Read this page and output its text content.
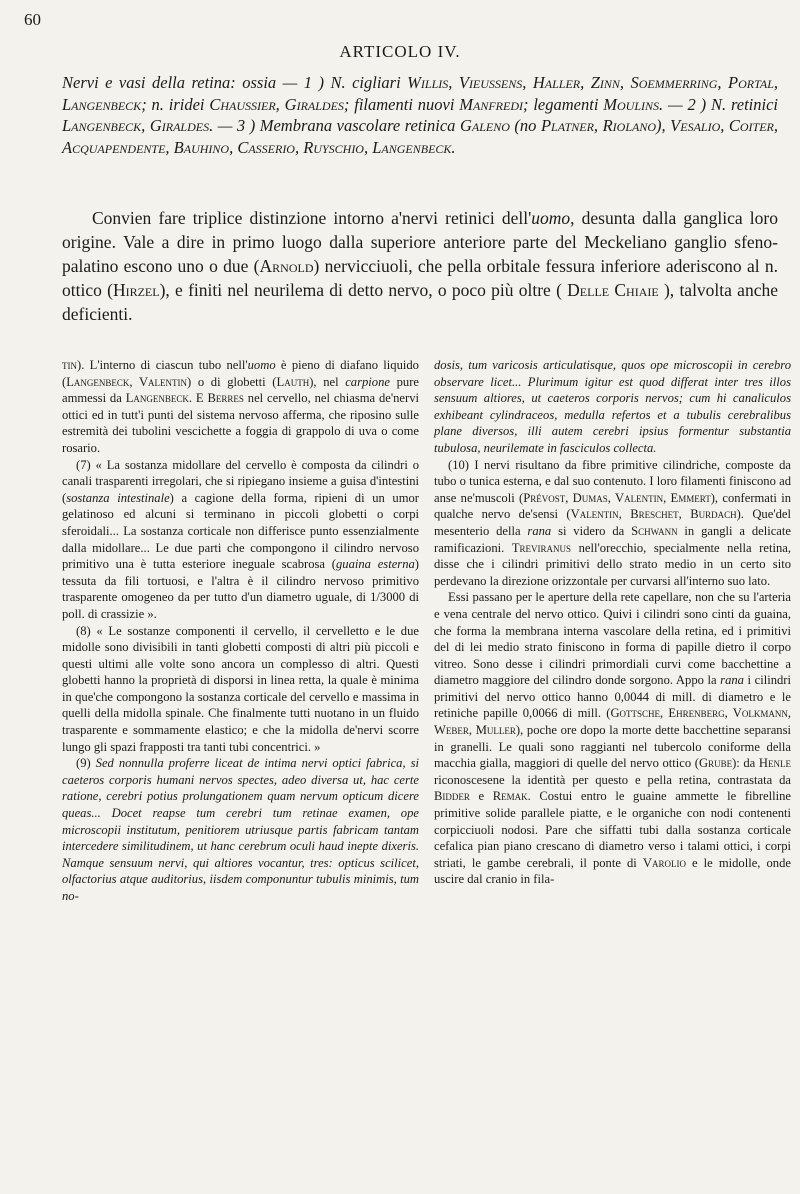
60
ARTICOLO IV.
Nervi e vasi della retina: ossia — 1 ) N. cigliari Willis, Vieussens, Haller, Zinn, Soemmerring, Portal, Langenbeck; n. iridei Chaussier, Giraldes; filamenti nuovi Manfredi; legamenti Moulins. — 2 ) N. retinici Langenbeck, Giraldes. — 3 ) Membrana vascolare retinica Galeno (no Platner, Riolano), Vesalio, Coiter, Acquapendente, Bauhino, Casserio, Ruyschio, Langenbeck.
Convien fare triplice distinzione intorno a'nervi retinici dell'uomo, desunta dalla ganglica loro origine. Vale a dire in primo luogo dalla superiore anteriore parte del Meckeliano ganglio sfeno-palatino escono uno o due (Arnold) nervicciuoli, che pella orbitale fessura inferiore aderiscono al n. ottico (Hirzel), e finiti nel neurilema di detto nervo, o poco più oltre ( Delle Chiaie ), talvolta anche deficienti.

tin). L'interno di ciascun tubo nell'uomo è pieno di diafano liquido (Langenbeck, Valentin) o di globetti (Lauth), nel carpione pure ammessi da Langenbeck. E Berres nel cervello, nel chiasma de'nervi ottici ed in tutt'i punti del sistema nervoso afferma, che riposino sulle estremità dei tubolini vescichette a foggia di grappolo di uva o come rosario.

(7) « La sostanza midollare del cervello è composta da cilindri o canali trasparenti irregolari, che si ripiegano insieme a guisa d'intestini (sostanza intestinale) a cagione della forma, ripieni di un umor gelatinoso ed alcuni si terminano in piccoli globetti o corpi sferoidali... La sostanza corticale non differisce punto essenzialmente dalla midollare... Le due parti che compongono il cilindro nervoso primitivo una è tutta esteriore ineguale scabrosa (guaina esterna) tessuta da fili tortuosi, e l'altra è il cilindro nervoso primitivo trasparente omogeneo da per tutto d'un diametro uguale, di 1/3000 di poll. di crassizie ».

(8) « Le sostanze componenti il cervello, il cervelletto e le due midolle sono divisibili in tanti globetti composti di altri più piccoli e questi ultimi alle volte sono ancora un complesso di altri. Questi globetti hanno la proprietà di disporsi in linea retta, la quale è minima in que'che compongono la sostanza corticale del cervello e massima in quelli della midolla spinale. Che finalmente tutti nuotano in un fluido trasparente e sommamente elastico; e che la midolla de'nervi scorre lungo gli spazi frapposti tra tanti tubi concentrici. »

(9) Sed nonnulla proferre liceat de intima nervi optici fabrica, si caeteros corporis humani nervos spectes, adeo diversa ut, hac certe ratione, cerebri potius prolungationem quam nervum opticum dicere queas... Docet reapse tum cerebri tum retinae examen, ope microscopii institutum, penitiorem utriusque partis fabricam tantam intercedere similitudinem, ut hanc cerebrum oculi haud inepte dixeris. Namque sensuum nervi, qui altiores vocantur, tres: opticus scilicet, olfactorius atque auditorius, iisdem componuntur tubulis minimis, tum no-

dosis, tum varicosis articulatisque, quos ope microscopii in cerebro observare licet... Plurimum igitur est quod differat inter tres illos sensuum altiores, ut caeteros corporis nervos; cum hi canaliculos exhibeant cylindraceos, medulla refertos et a tubulis cerebralibus plane diversos, illi autem cerebri ipsius formentur substantia tubulosa, neurilemate in fasciculos collecta.

(10) I nervi risultano da fibre primitive cilindriche, composte da tubo o tunica esterna, e dal suo contenuto. I loro filamenti finiscono ad anse ne'muscoli (Prévost, Dumas, Valentin, Emmert), confermati in qualche nervo de'sensi (Valentin, Breschet, Burdach). Que'del mesenterio della rana si videro da Schwann in gangli a delicate ramificazioni. Treviranus nell'orecchio, specialmente nella retina, disse che i cilindri primitivi dello strato medio in un certo sito perdevano la direzione orizzontale per curvarsi all'interno suo lato.

Essi passano per le aperture della rete capellare, non che su l'arteria e vena centrale del nervo ottico. Quivi i cilindri sono cinti da guaina, che forma la membrana interna vascolare della retina, ed i primitivi del di lei medio strato finiscono in forma di papille dietro il corpo vitreo. Sono desse i cilindri primordiali curvi come bacchettine a diametro maggiore del cilindro donde sorgono. Appo la rana i cilindri primitivi del nervo ottico hanno 0,0044 di mill. di diametro e le retiniche papille 0,0066 di mill. (Gottsche, Ehrenberg, Volkmann, Weber, Muller), poche ore dopo la morte dette bacchettine separansi in granelli. Le quali sono raggianti nel tubercolo coniforme della macchia gialla, maggiori di quelle del nervo ottico (Grube): da Henle riconoscesene la identità per questo e pella retina, contrastata da Bidder e Remak. Costui entro le guaine ammette le fibrelline primitive solide parallele piatte, e le organiche con nodi contenenti corpicciuoli nodosi. Pare che siffatti tubi dalla sostanza corticale cefalica pian piano crescano di diametro verso i talami ottici, i corpi striati, le gambe cerebrali, il ponte di Varolio e le midolle, onde uscire dal cranio in fila-
